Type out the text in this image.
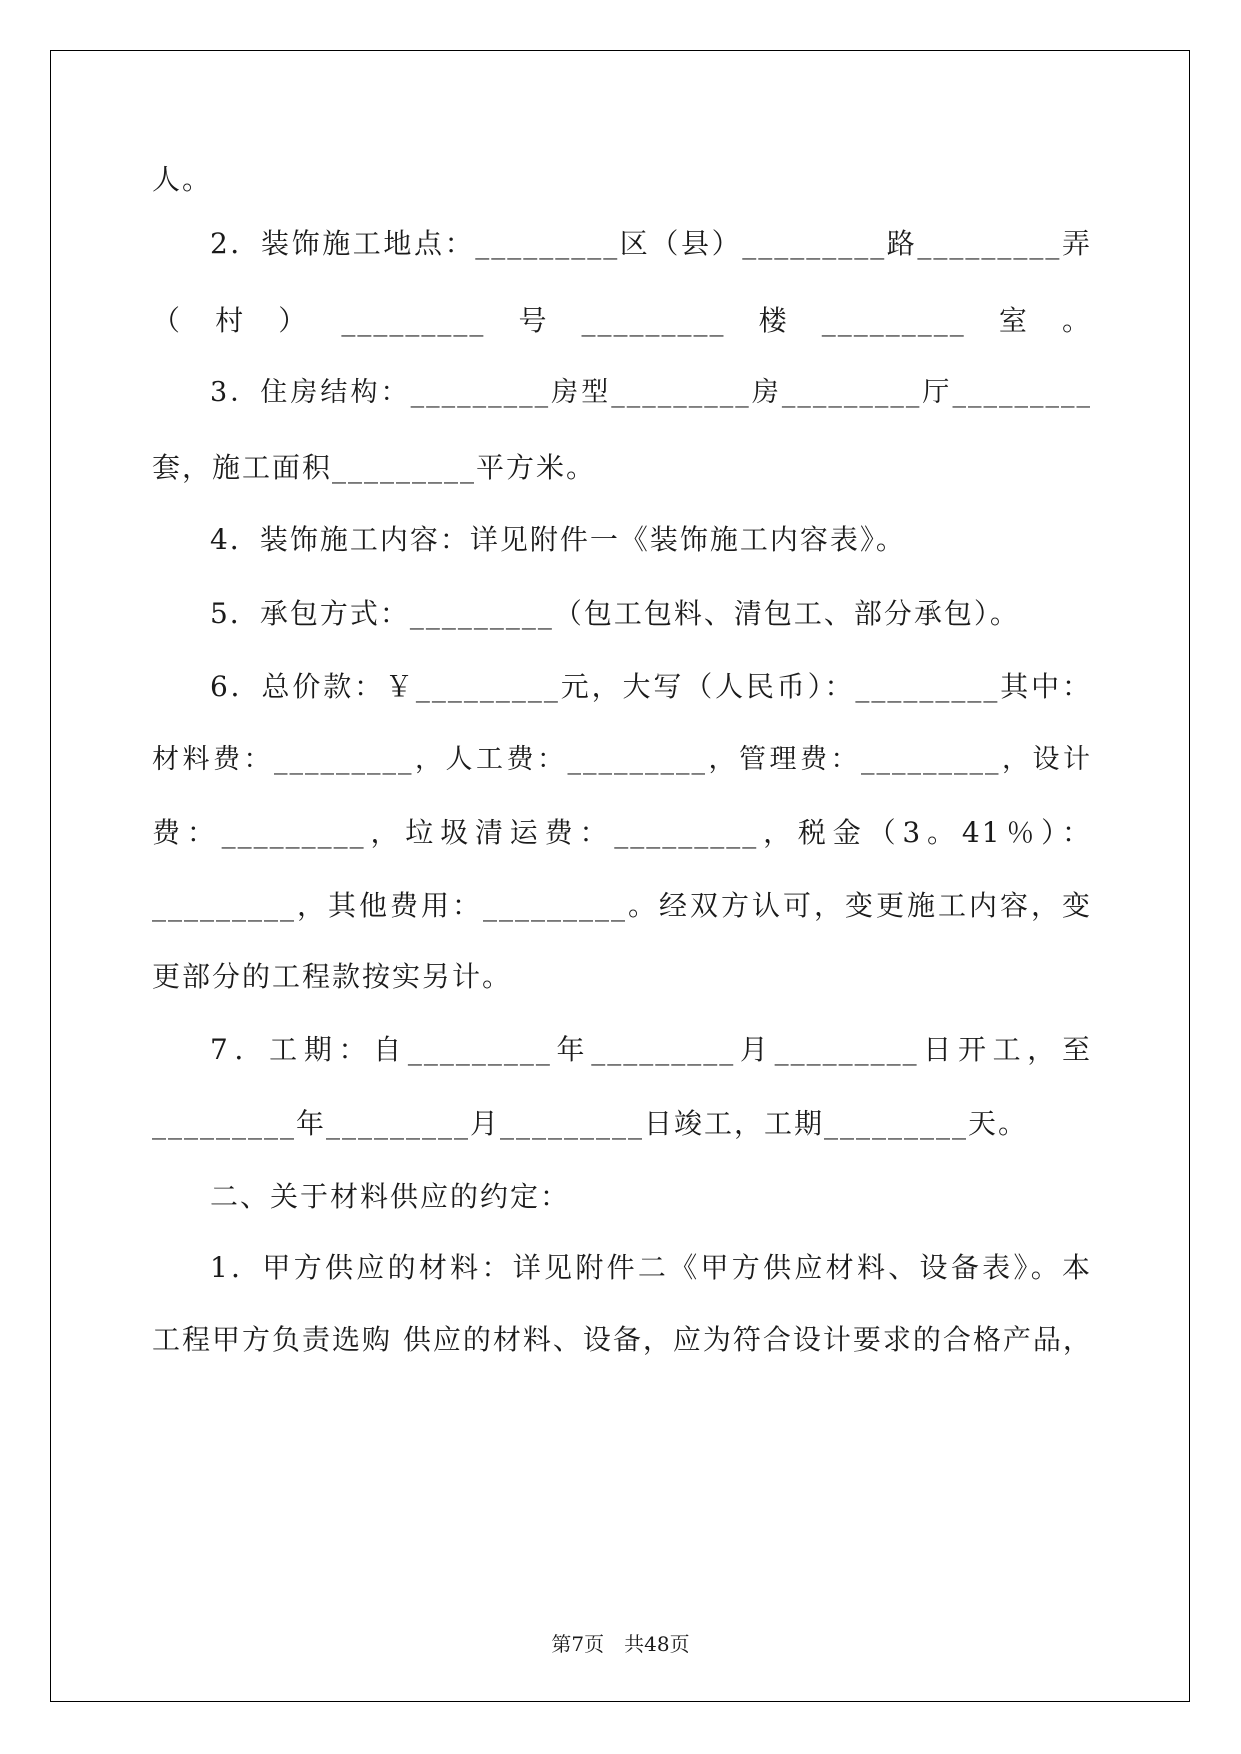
人。
2．装饰施工地点：_________区（县）_________路_________弄
（村）_________号_________楼_________室。
3．住房结构：_________房型_________房_________厅_________
套，施工面积_________平方米。
4．装饰施工内容：详见附件一《装饰施工内容表》。
5．承包方式：_________（包工包料、清包工、部分承包）。
6．总价款：￥_________元，大写（人民币）：_________其中：
材料费：_________，人工费：_________，管理费：_________，设计
费：_________，垃圾清运费：_________，税金（3。41％）：
_________，其他费用：_________。经双方认可，变更施工内容，变
更部分的工程款按实另计。
7．工期：自_________年_________月_________日开工，至
_________年_________月_________日竣工，工期_________天。
二、关于材料供应的约定：
1．甲方供应的材料：详见附件二《甲方供应材料、设备表》。本
工程甲方负责选购 供应的材料、设备，应为符合设计要求的合格产品，
第7页　共48页
